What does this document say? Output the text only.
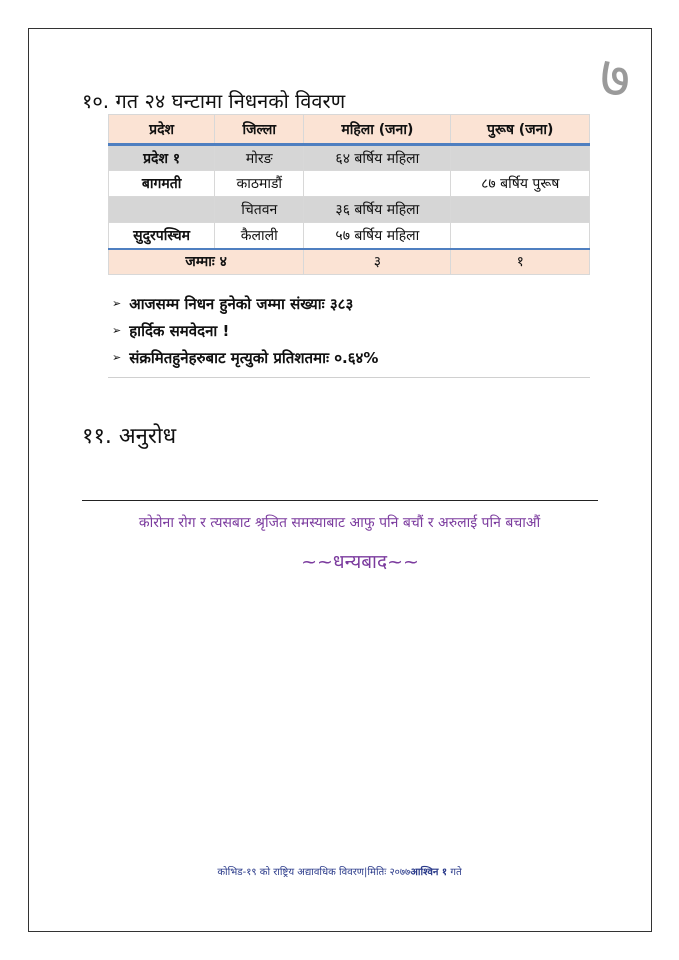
७
१०. गत २४ घन्टामा निधनको विवरण
प्रदेश	जिल्ला	महिला (जना)	पुरूष (जना)
प्रदेश १	मोरङ	६४ बर्षिय महिला	
बागमती	काठमाडौं		८७ बर्षिय पुरूष
	चितवन	३६ बर्षिय महिला	
सुदुरपस्चिम	कैलाली	५७ बर्षिय महिला	
जम्माः ४		३	१
➢ आजसम्म निधन हुनेको जम्मा संख्याः ३८३
➢ हार्दिक समवेदना !
➢ संक्रमितहुनेहरुबाट मृत्युको प्रतिशतमाः ०.६४%
११. अनुरोध
कोरोना रोग र त्यसबाट श्रृजित समस्याबाट आफु पनि बचौं र अरुलाई पनि बचाऔं
~~धन्यबाद~~
कोभिड-१९ को राष्ट्रिय अद्यावधिक विवरण|मितिः २०७७आश्विन १ गते
